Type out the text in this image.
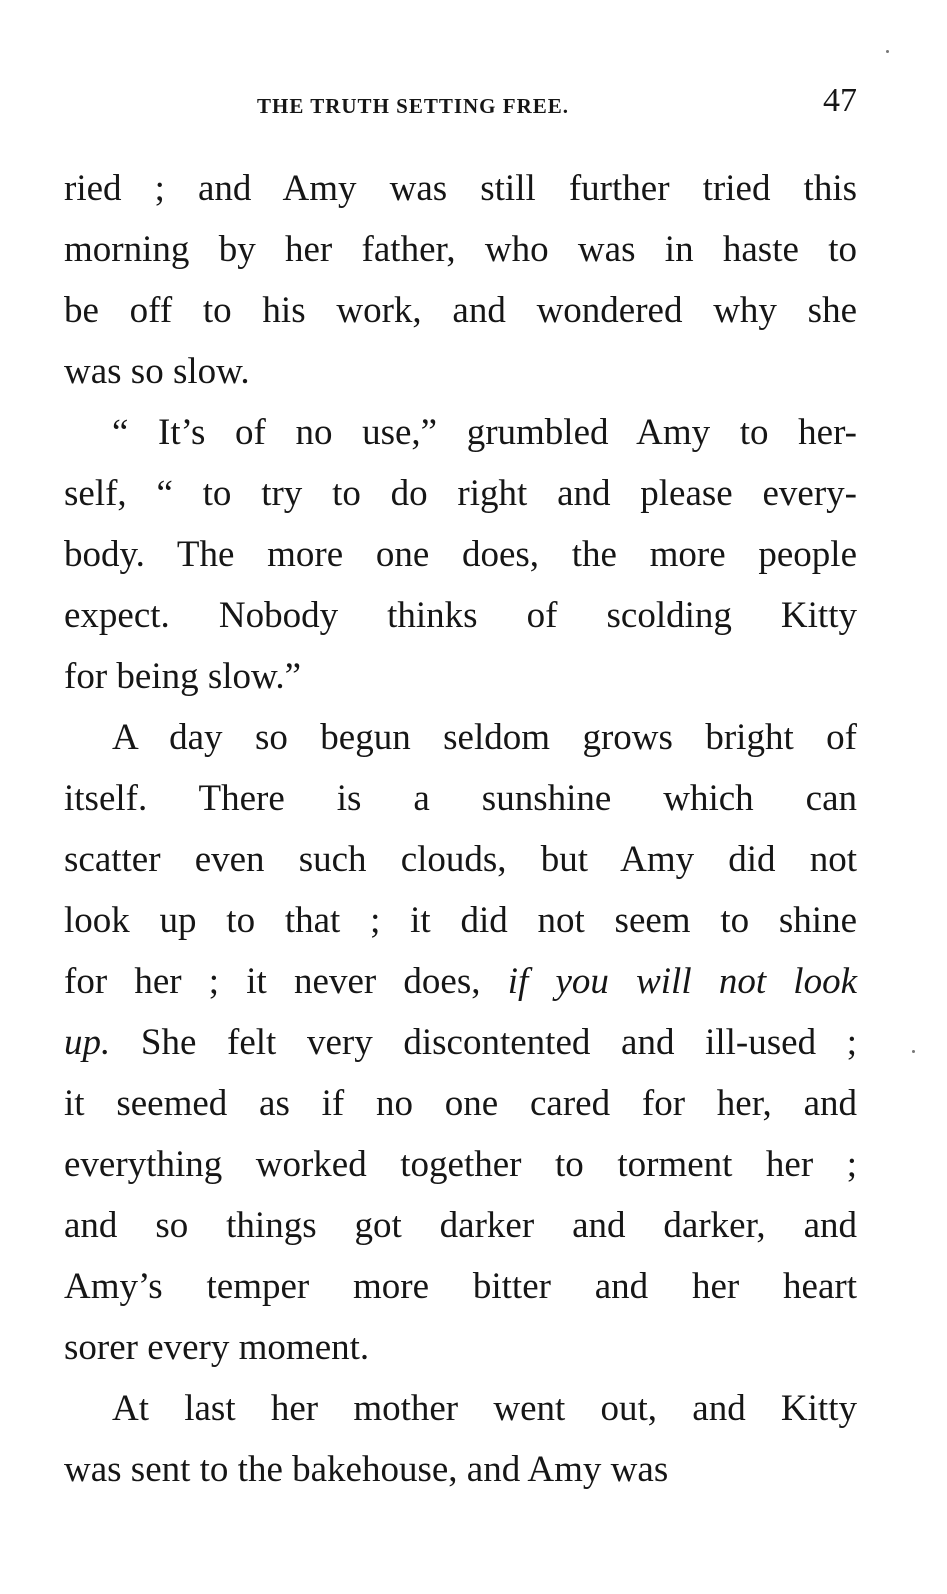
THE TRUTH SETTING FREE.	47
ried ; and Amy was still further tried this
morning by her father, who was in haste to
be off to his work, and wondered why she
was so slow.
“ It’s of no use,” grumbled Amy to her-
self, “ to try to do right and please every-
body. The more one does, the more people
expect. Nobody thinks of scolding Kitty
for being slow.”
A day so begun seldom grows bright of
itself. There is a sunshine which can
scatter even such clouds, but Amy did not
look up to that ; it did not seem to shine
for her ; it never does, if you will not look
up. She felt very discontented and ill-used ;
it seemed as if no one cared for her, and
everything worked together to torment her ;
and so things got darker and darker, and
Amy’s temper more bitter and her heart
sorer every moment.
At last her mother went out, and Kitty
was sent to the bakehouse, and Amy was
